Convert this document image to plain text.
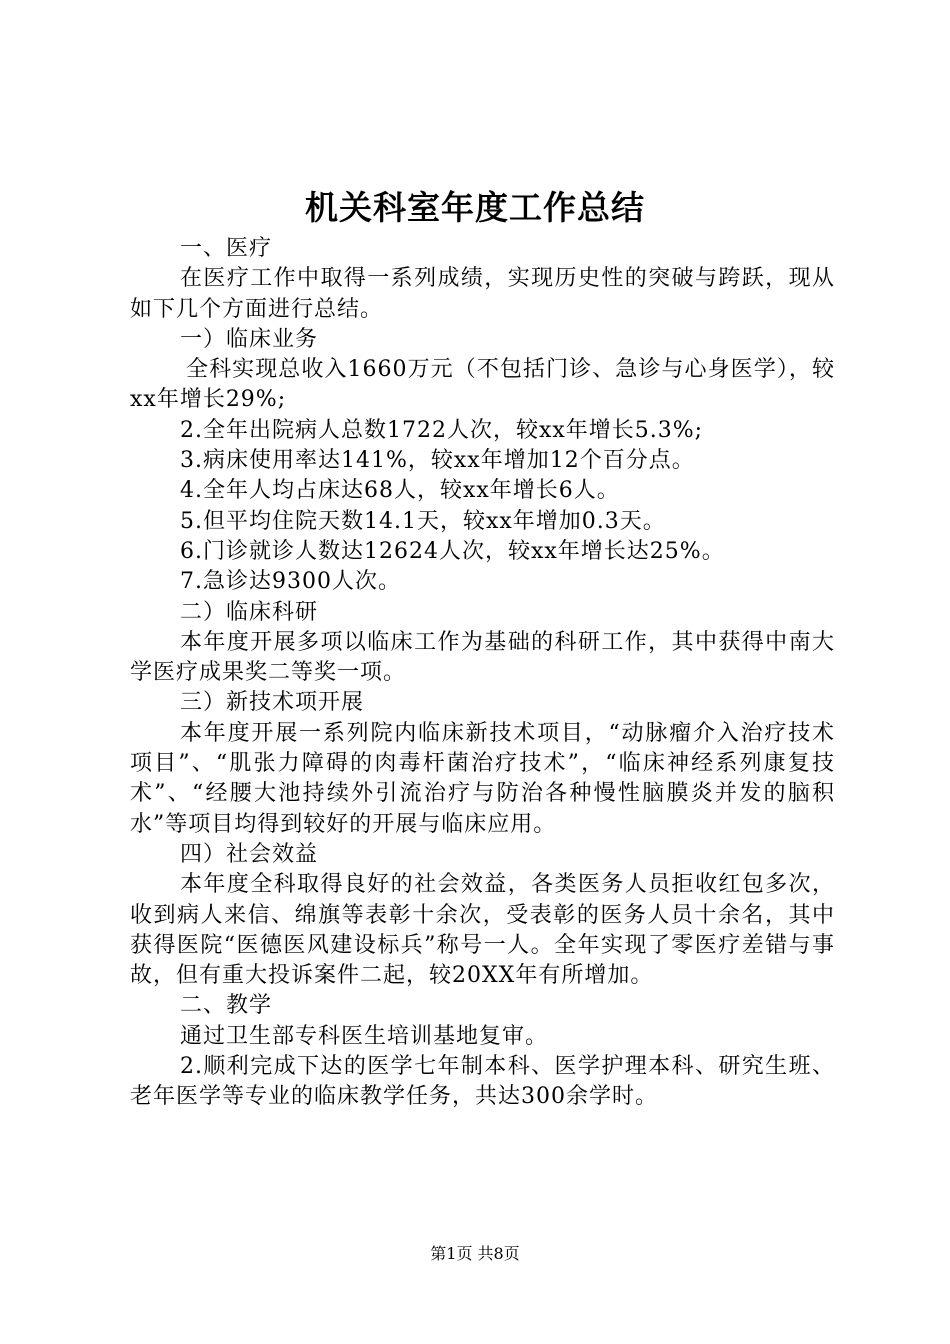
机关科室年度工作总结

一、医疗

在医疗工作中取得一系列成绩，实现历史性的突破与跨跃，现从如下几个方面进行总结。

一）临床业务

全科实现总收入1660万元（不包括门诊、急诊与心身医学），较xx年增长29%;

2.全年出院病人总数1722人次，较xx年增长5.3%;

3.病床使用率达141%，较xx年增加12个百分点。

4.全年人均占床达68人，较xx年增长6人。

5.但平均住院天数14.1天，较xx年增加0.3天。

6.门诊就诊人数达12624人次，较xx年增长达25%。

7.急诊达9300人次。

二）临床科研

本年度开展多项以临床工作为基础的科研工作，其中获得中南大学医疗成果奖二等奖一项。

三）新技术项开展

本年度开展一系列院内临床新技术项目，“动脉瘤介入治疗技术项目”、“肌张力障碍的肉毒杆菌治疗技术”，“临床神经系列康复技术”、“经腰大池持续外引流治疗与防治各种慢性脑膜炎并发的脑积水”等项目均得到较好的开展与临床应用。

四）社会效益

本年度全科取得良好的社会效益，各类医务人员拒收红包多次，收到病人来信、绵旗等表彰十余次，受表彰的医务人员十余名，其中获得医院“医德医风建设标兵”称号一人。全年实现了零医疗差错与事故，但有重大投诉案件二起，较20XX年有所增加。

二、教学

通过卫生部专科医生培训基地复审。

2.顺利完成下达的医学七年制本科、医学护理本科、研究生班、老年医学等专业的临床教学任务，共达300余学时。

第1页 共8页
